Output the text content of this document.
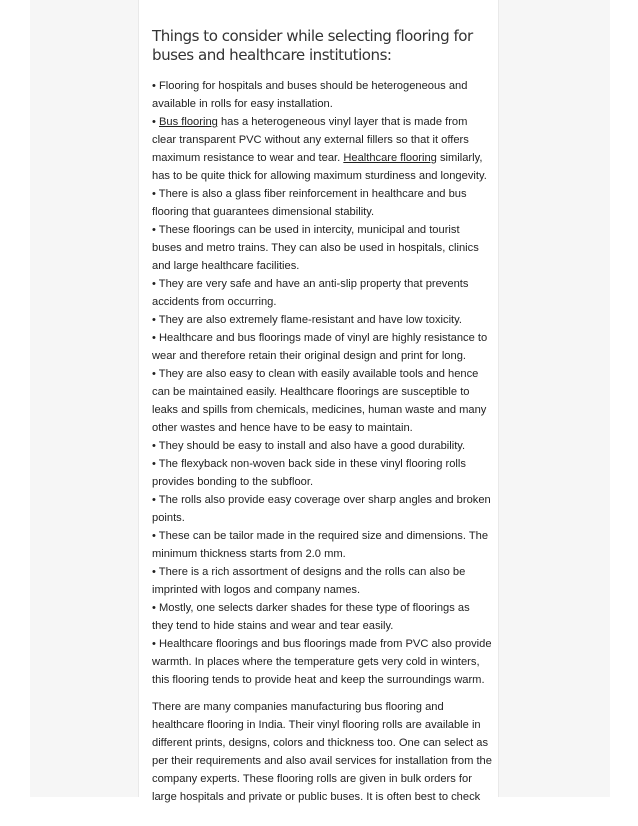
Things to consider while selecting flooring for buses and healthcare institutions:

• Flooring for hospitals and buses should be heterogeneous and available in rolls for easy installation.

• Bus flooring has a heterogeneous vinyl layer that is made from clear transparent PVC without any external fillers so that it offers maximum resistance to wear and tear. Healthcare flooring similarly, has to be quite thick for allowing maximum sturdiness and longevity.

• There is also a glass fiber reinforcement in healthcare and bus flooring that guarantees dimensional stability.

• These floorings can be used in intercity, municipal and tourist buses and metro trains. They can also be used in hospitals, clinics and large healthcare facilities.

• They are very safe and have an anti-slip property that prevents accidents from occurring.

• They are also extremely flame-resistant and have low toxicity.

• Healthcare and bus floorings made of vinyl are highly resistance to wear and therefore retain their original design and print for long.

• They are also easy to clean with easily available tools and hence can be maintained easily. Healthcare floorings are susceptible to leaks and spills from chemicals, medicines, human waste and many other wastes and hence have to be easy to maintain.

• They should be easy to install and also have a good durability.

• The flexyback non-woven back side in these vinyl flooring rolls provides bonding to the subfloor.

• The rolls also provide easy coverage over sharp angles and broken points.

• These can be tailor made in the required size and dimensions. The minimum thickness starts from 2.0 mm.

• There is a rich assortment of designs and the rolls can also be imprinted with logos and company names.

• Mostly, one selects darker shades for these type of floorings as they tend to hide stains and wear and tear easily.

• Healthcare floorings and bus floorings made from PVC also provide warmth. In places where the temperature gets very cold in winters, this flooring tends to provide heat and keep the surroundings warm.

There are many companies manufacturing bus flooring and healthcare flooring in India. Their vinyl flooring rolls are available in different prints, designs, colors and thickness too. One can select as per their requirements and also avail services for installation from the company experts. These flooring rolls are given in bulk orders for large hospitals and private or public buses. It is often best to check
